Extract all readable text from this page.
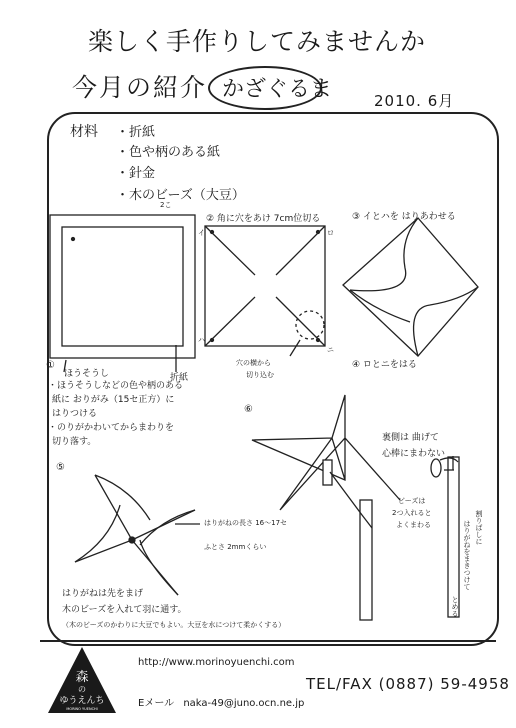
楽しく手作りしてみませんか
今月の紹介 かざぐるま	2010. 6月
材料 ・折紙
・色や柄のある紙
・針金
・木のビーズ（大豆）
2こ
①
ほうそうし	折紙
・ほうそうしなどの色や柄のある
紙に おりがみ（15セ正方）に
はりつける
・のりがかわいてからまわりを
切り落す。
② 角に穴をあけ 7cm位切る
イ	ロ
ハ
ニ
穴の横から
切り込む
③ イとハを はりあわせる
④ ロとニをはる
⑤
はりがねの長さ 16〜17セ
ふとさ 2mmくらい
はりがねは先をまげ
木のビーズを入れて羽に通す。
（木のビーズのかわりに大豆でもよい。大豆を水につけて柔かくする）
⑥
裏側は 曲げて
心棒にまわない
ビーズは
2つ入れると
よくまわる	割りばしに
はりがねをまきつけて
とめる
森
の
ゆうえんち
MORINO YUENCHI
http://www.morinoyuenchi.com
Eメール naka-49@juno.ocn.ne.jp
TEL/FAX (0887) 59-4958
